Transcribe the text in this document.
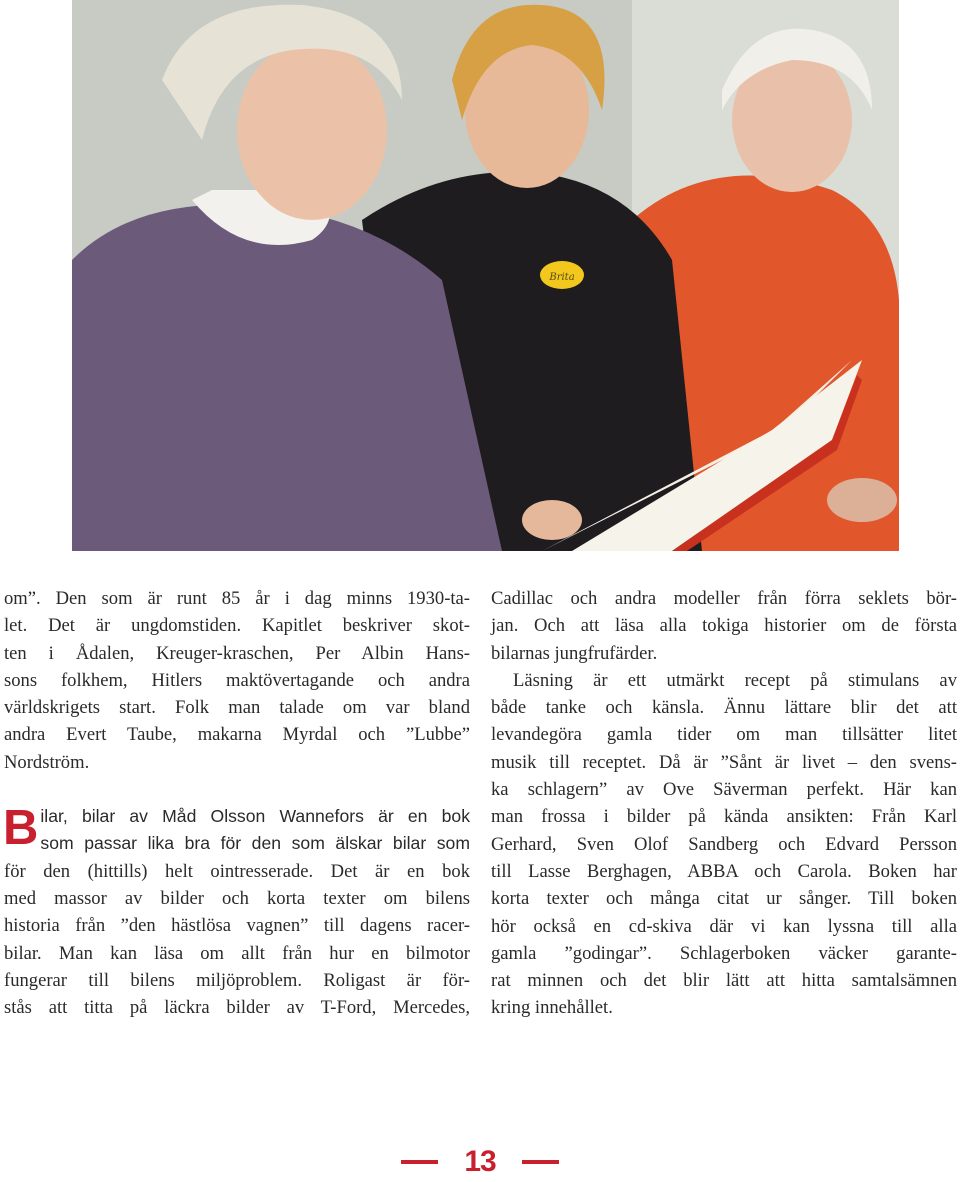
Brita

om”. Den som är runt 85 år i dag minns 1930-ta-
let. Det är ungdomstiden. Kapitlet beskriver skot-
ten i Ådalen, Kreuger-kraschen, Per Albin Hans-
sons folkhem, Hitlers maktövertagande och andra
världskrigets start. Folk man talade om var bland
andra Evert Taube, makarna Myrdal och ”Lubbe”
Nordström.

B ilar, bilar av Måd Olsson Wannefors är en bok
som passar lika bra för den som älskar bilar som
för den (hittills) helt ointresserade. Det är en bok
med massor av bilder och korta texter om bilens
historia från ”den hästlösa vagnen” till dagens racer-
bilar. Man kan läsa om allt från hur en bilmotor
fungerar till bilens miljöproblem. Roligast är för-
stås att titta på läckra bilder av T-Ford, Mercedes,

Cadillac och andra modeller från förra seklets bör-
jan. Och att läsa alla tokiga historier om de första
bilarnas jungfrufärder.

Läsning är ett utmärkt recept på stimulans av
både tanke och känsla. Ännu lättare blir det att
levandegöra gamla tider om man tillsätter litet
musik till receptet. Då är ”Sånt är livet – den svens-
ka schlagern” av Ove Säverman perfekt. Här kan
man frossa i bilder på kända ansikten: Från Karl
Gerhard, Sven Olof Sandberg och Edvard Persson
till Lasse Berghagen, ABBA och Carola. Boken har
korta texter och många citat ur sånger. Till boken
hör också en cd-skiva där vi kan lyssna till alla
gamla ”godingar”. Schlagerboken väcker garante-
rat minnen och det blir lätt att hitta samtalsämnen
kring innehållet.

13
